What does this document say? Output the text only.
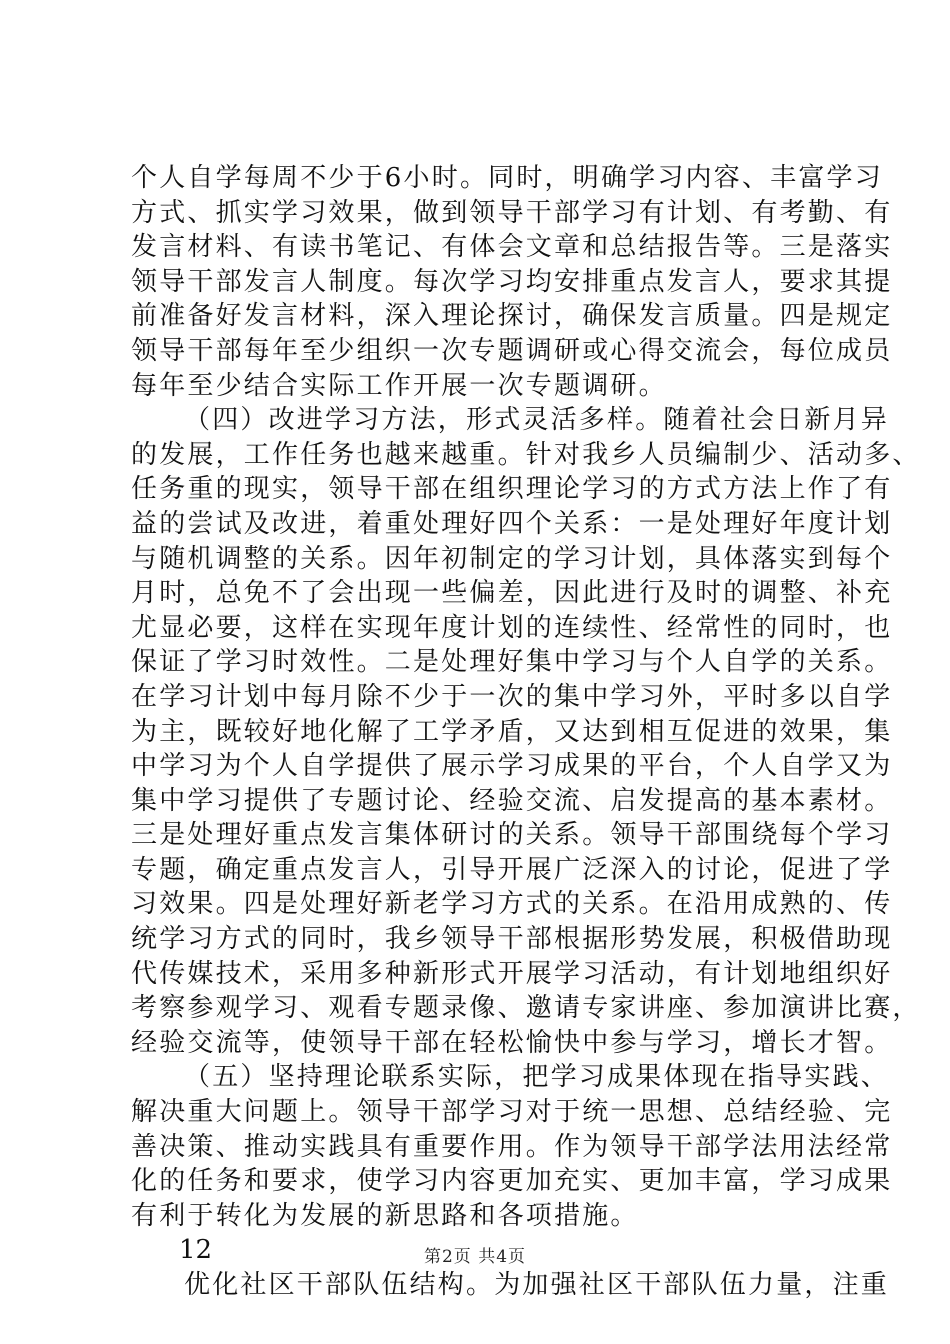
个人自学每周不少于6小时。同时，明确学习内容、丰富学习
方式、抓实学习效果，做到领导干部学习有计划、有考勤、有
发言材料、有读书笔记、有体会文章和总结报告等。三是落实
领导干部发言人制度。每次学习均安排重点发言人，要求其提
前准备好发言材料，深入理论探讨，确保发言质量。四是规定
领导干部每年至少组织一次专题调研或心得交流会，每位成员
每年至少结合实际工作开展一次专题调研。
（四）改进学习方法，形式灵活多样。随着社会日新月异
的发展，工作任务也越来越重。针对我乡人员编制少、活动多、
任务重的现实，领导干部在组织理论学习的方式方法上作了有
益的尝试及改进，着重处理好四个关系：一是处理好年度计划
与随机调整的关系。因年初制定的学习计划，具体落实到每个
月时，总免不了会出现一些偏差，因此进行及时的调整、补充
尤显必要，这样在实现年度计划的连续性、经常性的同时，也
保证了学习时效性。二是处理好集中学习与个人自学的关系。
在学习计划中每月除不少于一次的集中学习外，平时多以自学
为主，既较好地化解了工学矛盾，又达到相互促进的效果，集
中学习为个人自学提供了展示学习成果的平台，个人自学又为
集中学习提供了专题讨论、经验交流、启发提高的基本素材。
三是处理好重点发言集体研讨的关系。领导干部围绕每个学习
专题，确定重点发言人，引导开展广泛深入的讨论，促进了学
习效果。四是处理好新老学习方式的关系。在沿用成熟的、传
统学习方式的同时，我乡领导干部根据形势发展，积极借助现
代传媒技术，采用多种新形式开展学习活动，有计划地组织好
考察参观学习、观看专题录像、邀请专家讲座、参加演讲比赛，
经验交流等，使领导干部在轻松愉快中参与学习，增长才智。
（五）坚持理论联系实际，把学习成果体现在指导实践、
解决重大问题上。领导干部学习对于统一思想、总结经验、完
善决策、推动实践具有重要作用。作为领导干部学法用法经常
化的任务和要求，使学习内容更加充实、更加丰富，学习成果
有利于转化为发展的新思路和各项措施。
12
优化社区干部队伍结构。为加强社区干部队伍力量，注重
第2页 共4页
